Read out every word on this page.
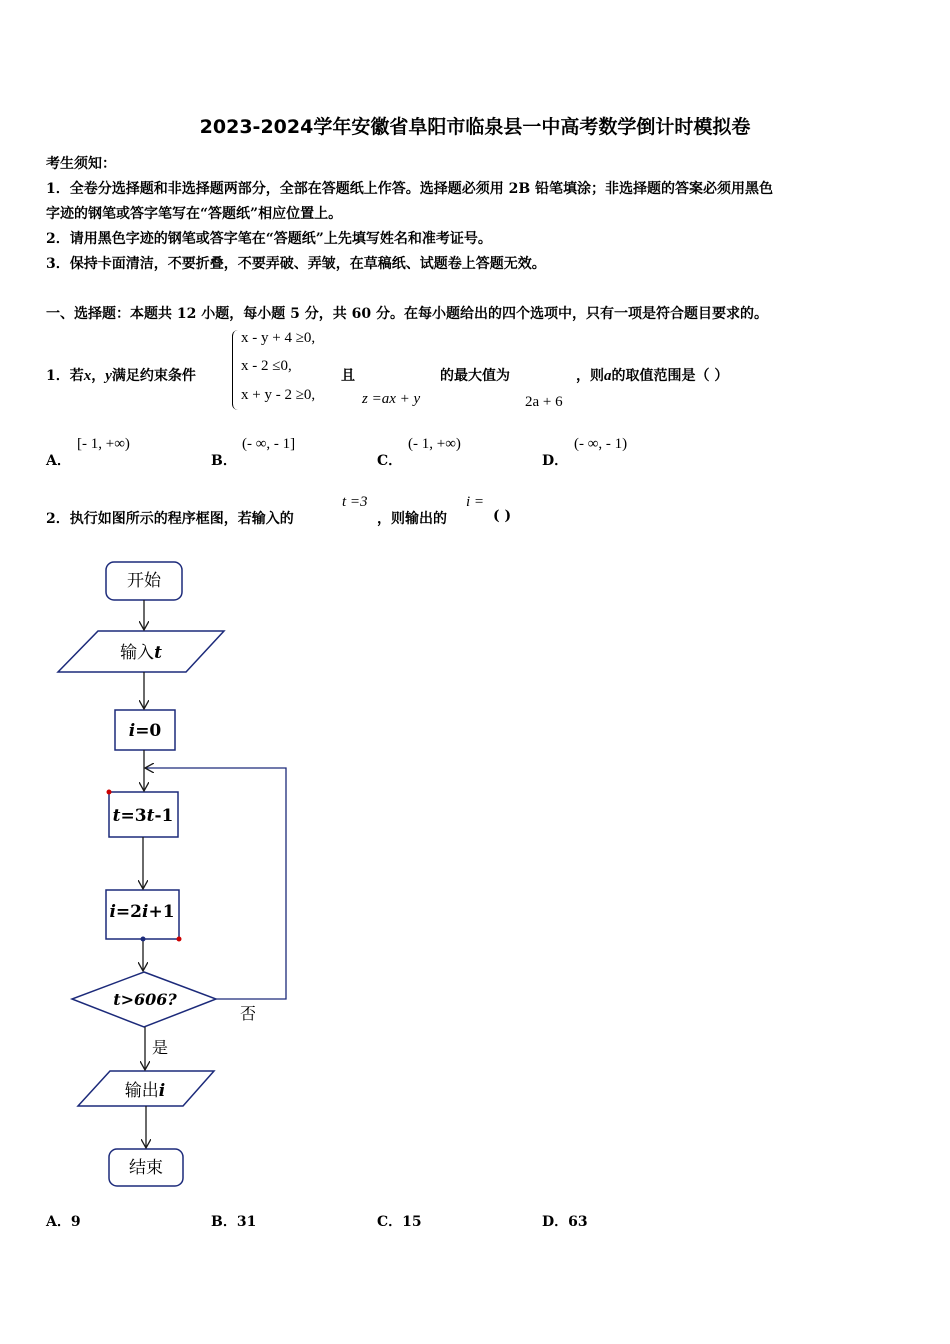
2023-2024学年安徽省阜阳市临泉县一中高考数学倒计时模拟卷
考生须知：
1．全卷分选择题和非选择题两部分，全部在答题纸上作答。选择题必须用 2B 铅笔填涂；非选择题的答案必须用黑色
字迹的钢笔或答字笔写在“答题纸”相应位置上。
2．请用黑色字迹的钢笔或答字笔在“答题纸”上先填写姓名和准考证号。
3．保持卡面清洁，不要折叠，不要弄破、弄皱，在草稿纸、试题卷上答题无效。
一、选择题：本题共 12 小题，每小题 5 分，共 60 分。在每小题给出的四个选项中，只有一项是符合题目要求的。
1．若x，y满足约束条件
x - y + 4 ≥0,
x - 2 ≤0,
x + y - 2 ≥0,
且
z =ax + y
的最大值为
2a + 6
，则a的取值范围是（ ）
A．
[- 1, +∞)
B．
(- ∞, - 1]
C．
(- 1, +∞)
D．
(- ∞, - 1)
2．执行如图所示的程序框图，若输入的
t =3
，则输出的
i =
( )
开始
输入t
i=0
t=3t-1
i=2i+1
t>606?
否
是
输出i
结束
A．9	B．31	C．15	D．63
